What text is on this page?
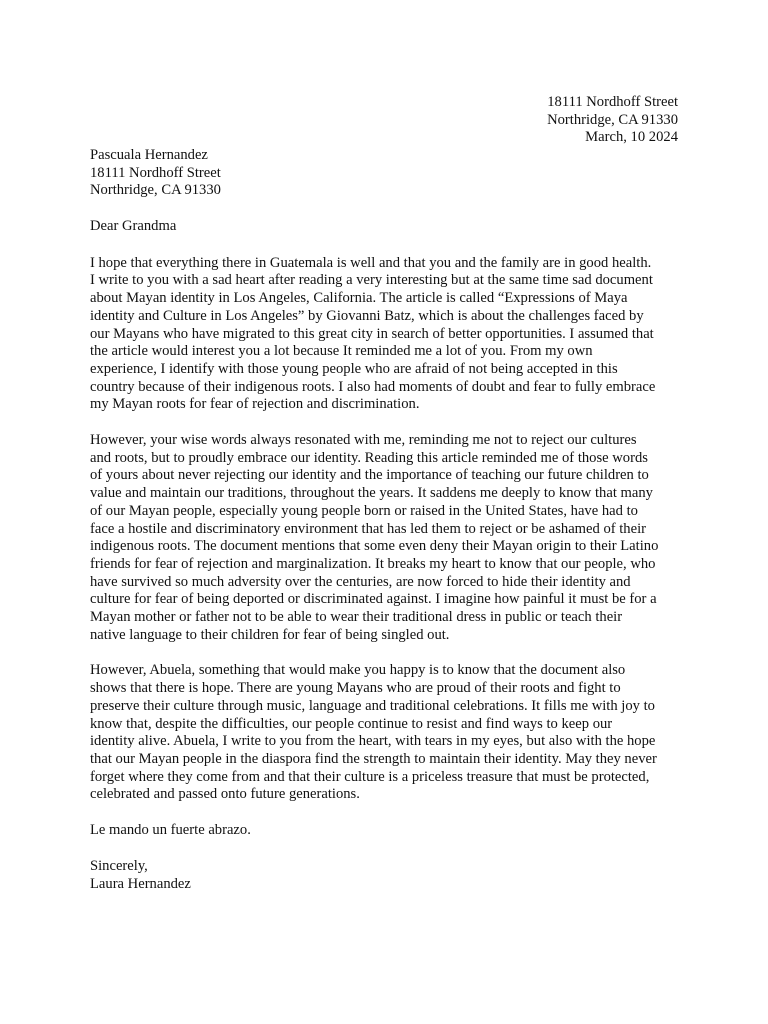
18111 Nordhoff Street
Northridge, CA 91330
March, 10 2024
Pascuala Hernandez
18111 Nordhoff Street
Northridge, CA 91330
Dear Grandma
I hope that everything there in Guatemala is well and that you and the family are in good health.
I write to you with a sad heart after reading a very interesting but at the same time sad document
about Mayan identity in Los Angeles, California. The article is called “Expressions of Maya
identity and Culture in Los Angeles” by Giovanni Batz, which is about the challenges faced by
our Mayans who have migrated to this great city in search of better opportunities. I assumed that
the article would interest you a lot because It reminded me a lot of you. From my own
experience, I identify with those young people who are afraid of not being accepted in this
country because of their indigenous roots. I also had moments of doubt and fear to fully embrace
my Mayan roots for fear of rejection and discrimination.
However, your wise words always resonated with me, reminding me not to reject our cultures
and roots, but to proudly embrace our identity. Reading this article reminded me of those words
of yours about never rejecting our identity and the importance of teaching our future children to
value and maintain our traditions, throughout the years. It saddens me deeply to know that many
of our Mayan people, especially young people born or raised in the United States, have had to
face a hostile and discriminatory environment that has led them to reject or be ashamed of their
indigenous roots. The document mentions that some even deny their Mayan origin to their Latino
friends for fear of rejection and marginalization. It breaks my heart to know that our people, who
have survived so much adversity over the centuries, are now forced to hide their identity and
culture for fear of being deported or discriminated against. I imagine how painful it must be for a
Mayan mother or father not to be able to wear their traditional dress in public or teach their
native language to their children for fear of being singled out.
However, Abuela, something that would make you happy is to know that the document also
shows that there is hope. There are young Mayans who are proud of their roots and fight to
preserve their culture through music, language and traditional celebrations. It fills me with joy to
know that, despite the difficulties, our people continue to resist and find ways to keep our
identity alive. Abuela, I write to you from the heart, with tears in my eyes, but also with the hope
that our Mayan people in the diaspora find the strength to maintain their identity. May they never
forget where they come from and that their culture is a priceless treasure that must be protected,
celebrated and passed onto future generations.
Le mando un fuerte abrazo.
Sincerely,
Laura Hernandez
